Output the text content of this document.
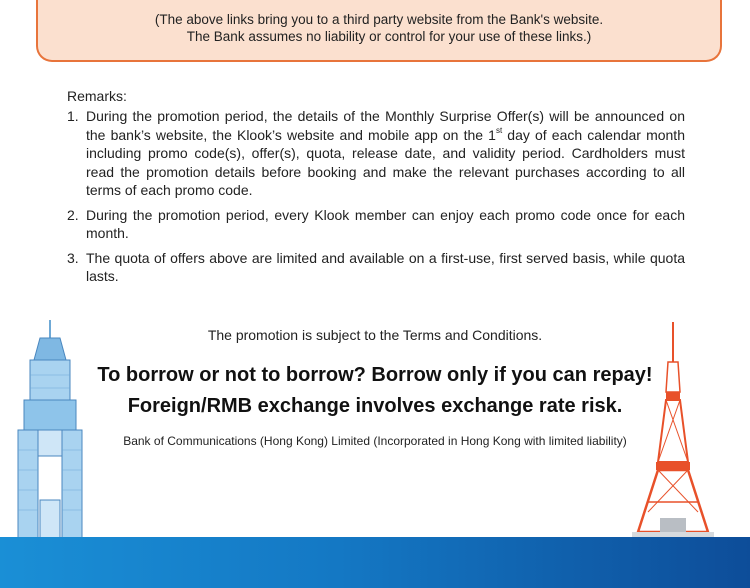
(The above links bring you to a third party website from the Bank's website.
The Bank assumes no liability or control for your use of these links.)
Remarks:
1. During the promotion period, the details of the Monthly Surprise Offer(s) will be announced on the bank’s website, the Klook’s website and mobile app on the 1st day of each calendar month including promo code(s), offer(s), quota, release date, and validity period. Cardholders must read the promotion details before booking and make the relevant purchases according to all terms of each promo code.
2. During the promotion period, every Klook member can enjoy each promo code once for each month.
3. The quota of offers above are limited and available on a first-use, first served basis, while quota lasts.
The promotion is subject to the Terms and Conditions.
To borrow or not to borrow? Borrow only if you can repay!
Foreign/RMB exchange involves exchange rate risk.
Bank of Communications (Hong Kong) Limited (Incorporated in Hong Kong with limited liability)
